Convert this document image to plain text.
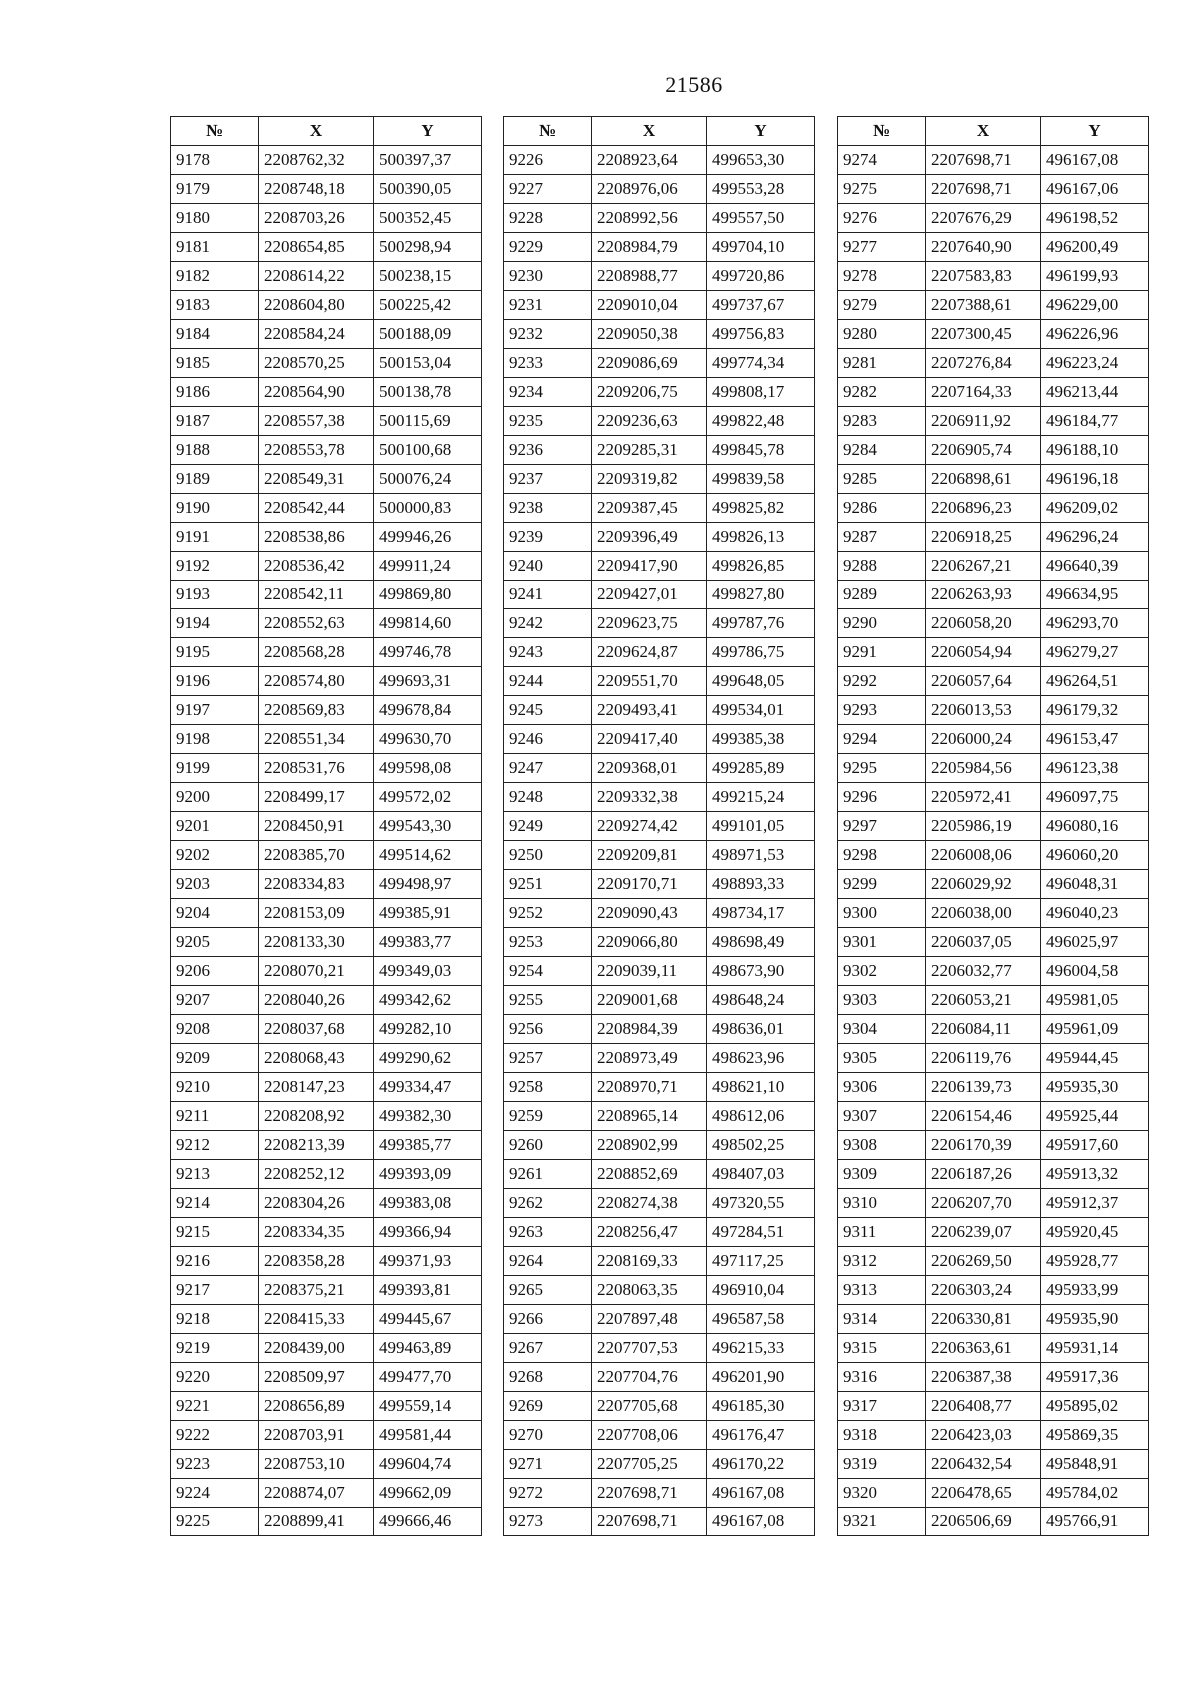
21586
№	X	Y
9178	2208762,32	500397,37
9179	2208748,18	500390,05
9180	2208703,26	500352,45
9181	2208654,85	500298,94
9182	2208614,22	500238,15
9183	2208604,80	500225,42
9184	2208584,24	500188,09
9185	2208570,25	500153,04
9186	2208564,90	500138,78
9187	2208557,38	500115,69
9188	2208553,78	500100,68
9189	2208549,31	500076,24
9190	2208542,44	500000,83
9191	2208538,86	499946,26
9192	2208536,42	499911,24
9193	2208542,11	499869,80
9194	2208552,63	499814,60
9195	2208568,28	499746,78
9196	2208574,80	499693,31
9197	2208569,83	499678,84
9198	2208551,34	499630,70
9199	2208531,76	499598,08
9200	2208499,17	499572,02
9201	2208450,91	499543,30
9202	2208385,70	499514,62
9203	2208334,83	499498,97
9204	2208153,09	499385,91
9205	2208133,30	499383,77
9206	2208070,21	499349,03
9207	2208040,26	499342,62
9208	2208037,68	499282,10
9209	2208068,43	499290,62
9210	2208147,23	499334,47
9211	2208208,92	499382,30
9212	2208213,39	499385,77
9213	2208252,12	499393,09
9214	2208304,26	499383,08
9215	2208334,35	499366,94
9216	2208358,28	499371,93
9217	2208375,21	499393,81
9218	2208415,33	499445,67
9219	2208439,00	499463,89
9220	2208509,97	499477,70
9221	2208656,89	499559,14
9222	2208703,91	499581,44
9223	2208753,10	499604,74
9224	2208874,07	499662,09
9225	2208899,41	499666,46
№	X	Y
9226	2208923,64	499653,30
9227	2208976,06	499553,28
9228	2208992,56	499557,50
9229	2208984,79	499704,10
9230	2208988,77	499720,86
9231	2209010,04	499737,67
9232	2209050,38	499756,83
9233	2209086,69	499774,34
9234	2209206,75	499808,17
9235	2209236,63	499822,48
9236	2209285,31	499845,78
9237	2209319,82	499839,58
9238	2209387,45	499825,82
9239	2209396,49	499826,13
9240	2209417,90	499826,85
9241	2209427,01	499827,80
9242	2209623,75	499787,76
9243	2209624,87	499786,75
9244	2209551,70	499648,05
9245	2209493,41	499534,01
9246	2209417,40	499385,38
9247	2209368,01	499285,89
9248	2209332,38	499215,24
9249	2209274,42	499101,05
9250	2209209,81	498971,53
9251	2209170,71	498893,33
9252	2209090,43	498734,17
9253	2209066,80	498698,49
9254	2209039,11	498673,90
9255	2209001,68	498648,24
9256	2208984,39	498636,01
9257	2208973,49	498623,96
9258	2208970,71	498621,10
9259	2208965,14	498612,06
9260	2208902,99	498502,25
9261	2208852,69	498407,03
9262	2208274,38	497320,55
9263	2208256,47	497284,51
9264	2208169,33	497117,25
9265	2208063,35	496910,04
9266	2207897,48	496587,58
9267	2207707,53	496215,33
9268	2207704,76	496201,90
9269	2207705,68	496185,30
9270	2207708,06	496176,47
9271	2207705,25	496170,22
9272	2207698,71	496167,08
9273	2207698,71	496167,08
№	X	Y
9274	2207698,71	496167,08
9275	2207698,71	496167,06
9276	2207676,29	496198,52
9277	2207640,90	496200,49
9278	2207583,83	496199,93
9279	2207388,61	496229,00
9280	2207300,45	496226,96
9281	2207276,84	496223,24
9282	2207164,33	496213,44
9283	2206911,92	496184,77
9284	2206905,74	496188,10
9285	2206898,61	496196,18
9286	2206896,23	496209,02
9287	2206918,25	496296,24
9288	2206267,21	496640,39
9289	2206263,93	496634,95
9290	2206058,20	496293,70
9291	2206054,94	496279,27
9292	2206057,64	496264,51
9293	2206013,53	496179,32
9294	2206000,24	496153,47
9295	2205984,56	496123,38
9296	2205972,41	496097,75
9297	2205986,19	496080,16
9298	2206008,06	496060,20
9299	2206029,92	496048,31
9300	2206038,00	496040,23
9301	2206037,05	496025,97
9302	2206032,77	496004,58
9303	2206053,21	495981,05
9304	2206084,11	495961,09
9305	2206119,76	495944,45
9306	2206139,73	495935,30
9307	2206154,46	495925,44
9308	2206170,39	495917,60
9309	2206187,26	495913,32
9310	2206207,70	495912,37
9311	2206239,07	495920,45
9312	2206269,50	495928,77
9313	2206303,24	495933,99
9314	2206330,81	495935,90
9315	2206363,61	495931,14
9316	2206387,38	495917,36
9317	2206408,77	495895,02
9318	2206423,03	495869,35
9319	2206432,54	495848,91
9320	2206478,65	495784,02
9321	2206506,69	495766,91
